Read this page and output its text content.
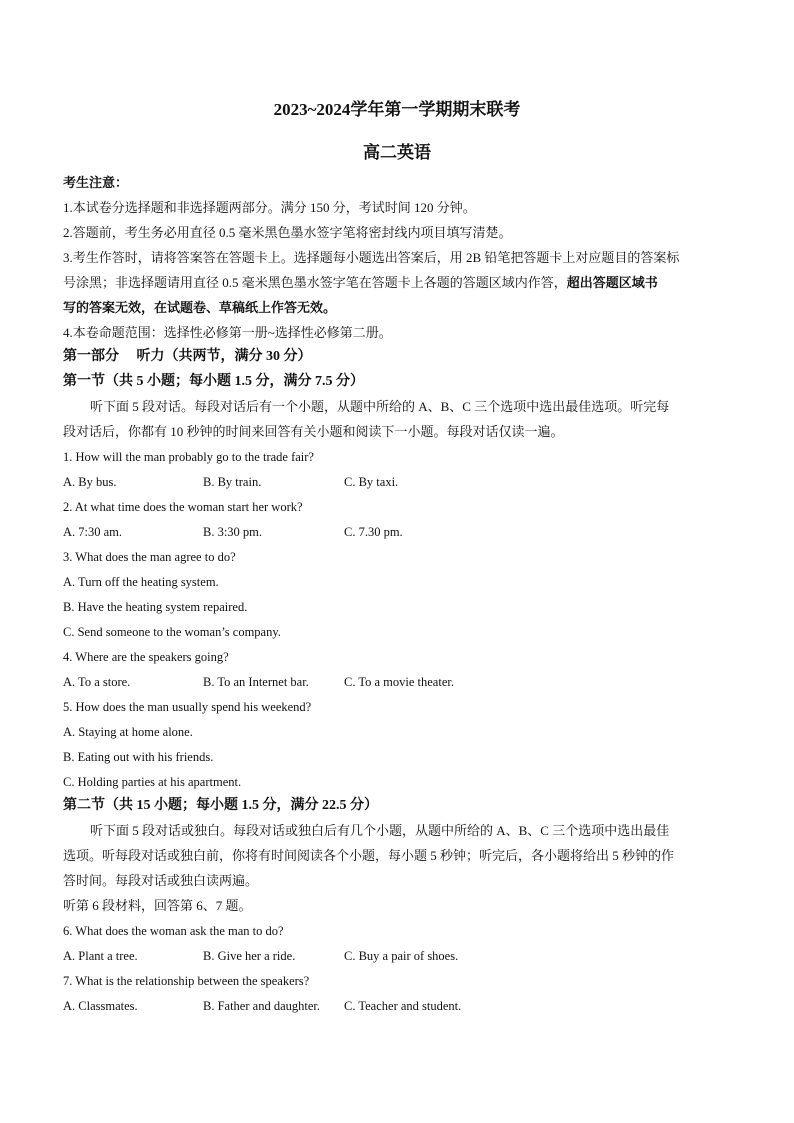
2023~2024学年第一学期期末联考
高二英语
考生注意：
1.本试卷分选择题和非选择题两部分。满分 150 分，考试时间 120 分钟。
2.答题前，考生务必用直径 0.5 毫米黑色墨水签字笔将密封线内项目填写清楚。
3.考生作答时，请将答案答在答题卡上。选择题每小题选出答案后，用 2B 铅笔把答题卡上对应题目的答案标
号涂黑；非选择题请用直径 0.5 毫米黑色墨水签字笔在答题卡上各题的答题区域内作答，超出答题区域书
写的答案无效，在试题卷、草稿纸上作答无效。
4.本卷命题范围：选择性必修第一册~选择性必修第二册。
第一部分　 听力（共两节，满分 30 分）
第一节（共 5 小题；每小题 1.5 分，满分 7.5 分）
听下面 5 段对话。每段对话后有一个小题，从题中所给的 A、B、C 三个选项中选出最佳选项。听完每
段对话后，你都有 10 秒钟的时间来回答有关小题和阅读下一小题。每段对话仅读一遍。
1. How will the man probably go to the trade fair?
A. By bus.	B. By train.	C. By taxi.
2. At what time does the woman start her work?
A. 7:30 am.	B. 3:30 pm.	C. 7.30 pm.
3. What does the man agree to do?
A. Turn off the heating system.
B. Have the heating system repaired.
C. Send someone to the woman’s company.
4. Where are the speakers going?
A. To a store.	B. To an Internet bar.	C. To a movie theater.
5. How does the man usually spend his weekend?
A. Staying at home alone.
B. Eating out with his friends.
C. Holding parties at his apartment.
第二节（共 15 小题；每小题 1.5 分，满分 22.5 分）
听下面 5 段对话或独白。每段对话或独白后有几个小题，从题中所给的 A、B、C 三个选项中选出最佳
选项。听每段对话或独白前，你将有时间阅读各个小题，每小题 5 秒钟；听完后，各小题将给出 5 秒钟的作
答时间。每段对话或独白读两遍。
听第 6 段材料，回答第 6、7 题。
6. What does the woman ask the man to do?
A. Plant a tree.	B. Give her a ride.	C. Buy a pair of shoes.
7. What is the relationship between the speakers?
A. Classmates.	B. Father and daughter. C. Teacher and student.
